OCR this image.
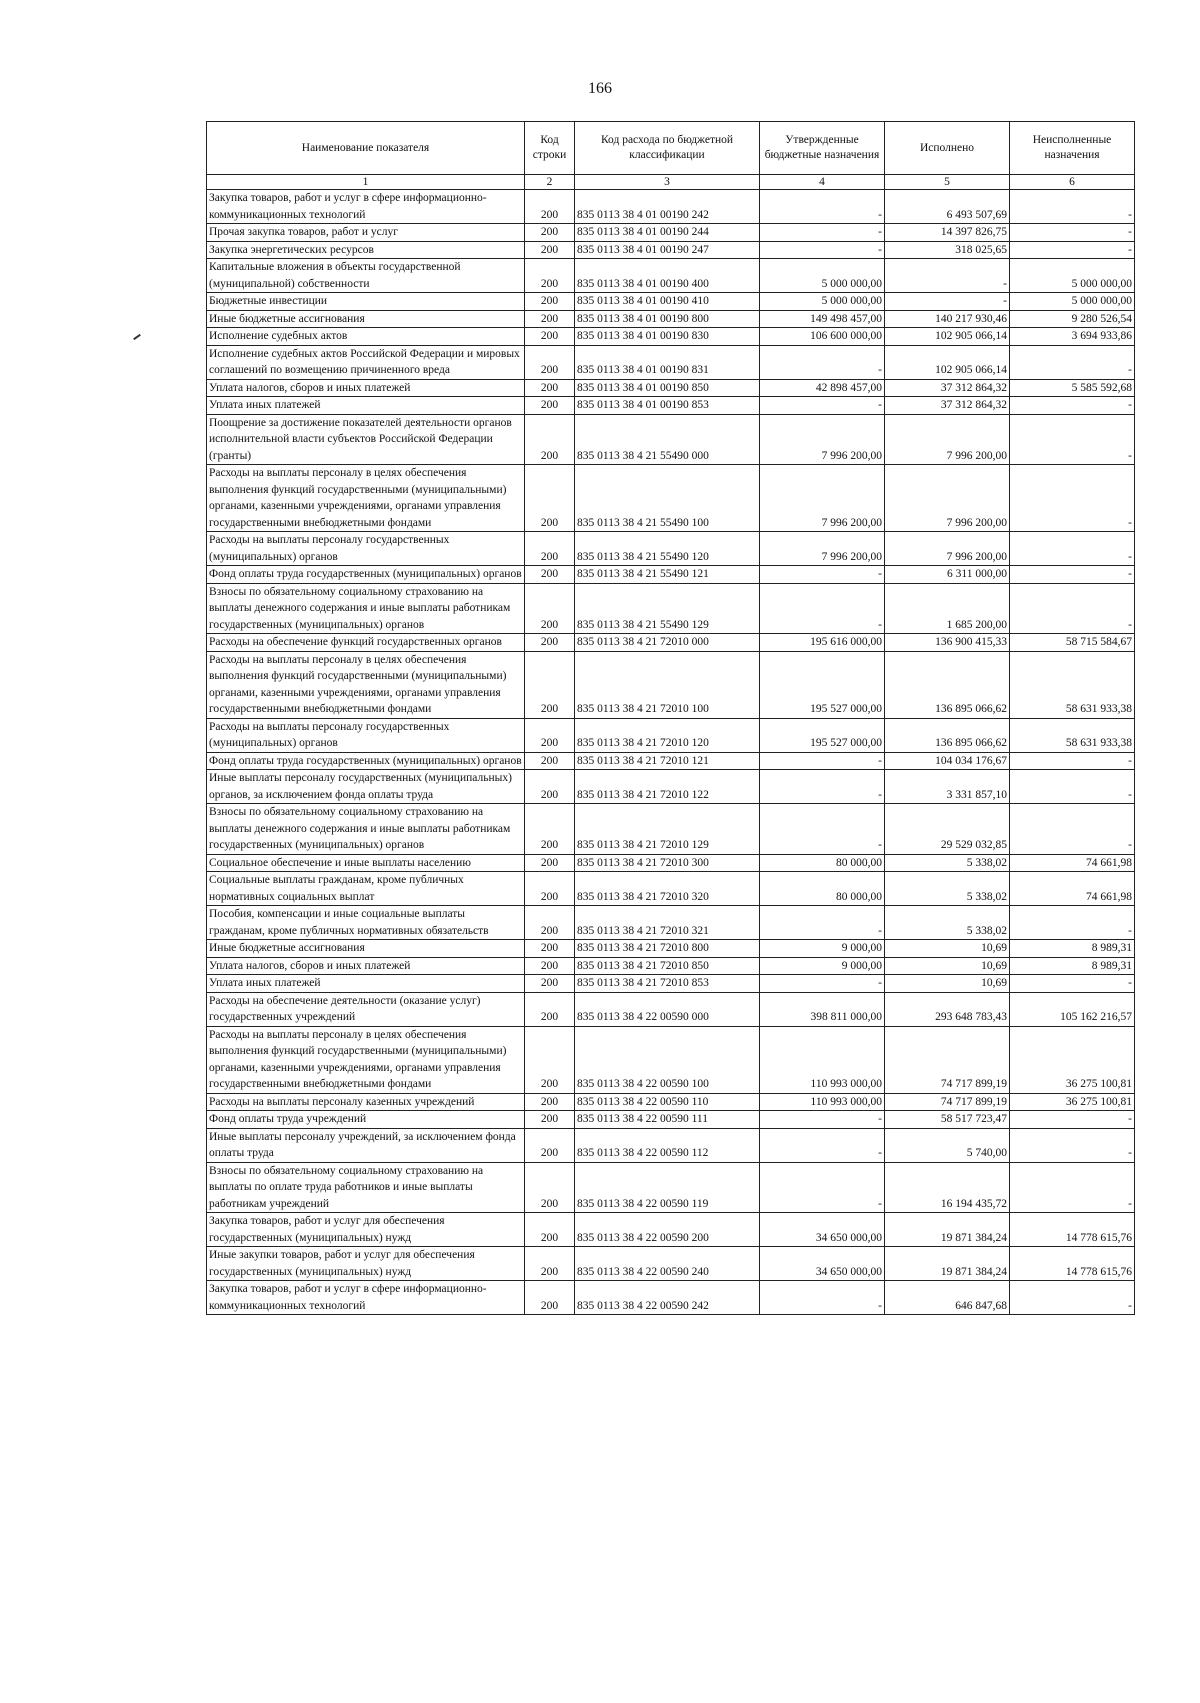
166
Наименование показателя	Код строки	Код расхода по бюджетной классификации	Утвержденные бюджетные назначения	Исполнено	Неисполненные назначения
1	2	3	4	5	6
Закупка товаров, работ и услуг в сфере информационно-коммуникационных технологий	200	835 0113 38 4 01 00190 242	-	6 493 507,69	-
Прочая закупка товаров, работ и услуг	200	835 0113 38 4 01 00190 244	-	14 397 826,75	-
Закупка энергетических ресурсов	200	835 0113 38 4 01 00190 247	-	318 025,65	-
Капитальные вложения в объекты государственной (муниципальной) собственности	200	835 0113 38 4 01 00190 400	5 000 000,00	-	5 000 000,00
Бюджетные инвестиции	200	835 0113 38 4 01 00190 410	5 000 000,00	-	5 000 000,00
Иные бюджетные ассигнования	200	835 0113 38 4 01 00190 800	149 498 457,00	140 217 930,46	9 280 526,54
Исполнение судебных актов	200	835 0113 38 4 01 00190 830	106 600 000,00	102 905 066,14	3 694 933,86
Исполнение судебных актов Российской Федерации и мировых соглашений по возмещению причиненного вреда	200	835 0113 38 4 01 00190 831	-	102 905 066,14	-
Уплата налогов, сборов и иных платежей	200	835 0113 38 4 01 00190 850	42 898 457,00	37 312 864,32	5 585 592,68
Уплата иных платежей	200	835 0113 38 4 01 00190 853	-	37 312 864,32	-
Поощрение за достижение показателей деятельности органов исполнительной власти субъектов Российской Федерации (гранты)	200	835 0113 38 4 21 55490 000	7 996 200,00	7 996 200,00	-
Расходы на выплаты персоналу в целях обеспечения выполнения функций государственными (муниципальными) органами, казенными учреждениями, органами управления государственными внебюджетными фондами	200	835 0113 38 4 21 55490 100	7 996 200,00	7 996 200,00	-
Расходы на выплаты персоналу государственных (муниципальных) органов	200	835 0113 38 4 21 55490 120	7 996 200,00	7 996 200,00	-
Фонд оплаты труда государственных (муниципальных) органов	200	835 0113 38 4 21 55490 121	-	6 311 000,00	-
Взносы по обязательному социальному страхованию на выплаты денежного содержания и иные выплаты работникам государственных (муниципальных) органов	200	835 0113 38 4 21 55490 129	-	1 685 200,00	-
Расходы на обеспечение функций государственных органов	200	835 0113 38 4 21 72010 000	195 616 000,00	136 900 415,33	58 715 584,67
Расходы на выплаты персоналу в целях обеспечения выполнения функций государственными (муниципальными) органами, казенными учреждениями, органами управления государственными внебюджетными фондами	200	835 0113 38 4 21 72010 100	195 527 000,00	136 895 066,62	58 631 933,38
Расходы на выплаты персоналу государственных (муниципальных) органов	200	835 0113 38 4 21 72010 120	195 527 000,00	136 895 066,62	58 631 933,38
Фонд оплаты труда государственных (муниципальных) органов	200	835 0113 38 4 21 72010 121	-	104 034 176,67	-
Иные выплаты персоналу государственных (муниципальных) органов, за исключением фонда оплаты труда	200	835 0113 38 4 21 72010 122	-	3 331 857,10	-
Взносы по обязательному социальному страхованию на выплаты денежного содержания и иные выплаты работникам государственных (муниципальных) органов	200	835 0113 38 4 21 72010 129	-	29 529 032,85	-
Социальное обеспечение и иные выплаты населению	200	835 0113 38 4 21 72010 300	80 000,00	5 338,02	74 661,98
Социальные выплаты гражданам, кроме публичных нормативных социальных выплат	200	835 0113 38 4 21 72010 320	80 000,00	5 338,02	74 661,98
Пособия, компенсации и иные социальные выплаты гражданам, кроме публичных нормативных обязательств	200	835 0113 38 4 21 72010 321	-	5 338,02	-
Иные бюджетные ассигнования	200	835 0113 38 4 21 72010 800	9 000,00	10,69	8 989,31
Уплата налогов, сборов и иных платежей	200	835 0113 38 4 21 72010 850	9 000,00	10,69	8 989,31
Уплата иных платежей	200	835 0113 38 4 21 72010 853	-	10,69	-
Расходы на обеспечение деятельности (оказание услуг) государственных учреждений	200	835 0113 38 4 22 00590 000	398 811 000,00	293 648 783,43	105 162 216,57
Расходы на выплаты персоналу в целях обеспечения выполнения функций государственными (муниципальными) органами, казенными учреждениями, органами управления государственными внебюджетными фондами	200	835 0113 38 4 22 00590 100	110 993 000,00	74 717 899,19	36 275 100,81
Расходы на выплаты персоналу казенных учреждений	200	835 0113 38 4 22 00590 110	110 993 000,00	74 717 899,19	36 275 100,81
Фонд оплаты труда учреждений	200	835 0113 38 4 22 00590 111	-	58 517 723,47	-
Иные выплаты персоналу учреждений, за исключением фонда оплаты труда	200	835 0113 38 4 22 00590 112	-	5 740,00	-
Взносы по обязательному социальному страхованию на выплаты по оплате труда работников и иные выплаты работникам учреждений	200	835 0113 38 4 22 00590 119	-	16 194 435,72	-
Закупка товаров, работ и услуг для обеспечения государственных (муниципальных) нужд	200	835 0113 38 4 22 00590 200	34 650 000,00	19 871 384,24	14 778 615,76
Иные закупки товаров, работ и услуг для обеспечения государственных (муниципальных) нужд	200	835 0113 38 4 22 00590 240	34 650 000,00	19 871 384,24	14 778 615,76
Закупка товаров, работ и услуг в сфере информационно-коммуникационных технологий	200	835 0113 38 4 22 00590 242	-	646 847,68	-
